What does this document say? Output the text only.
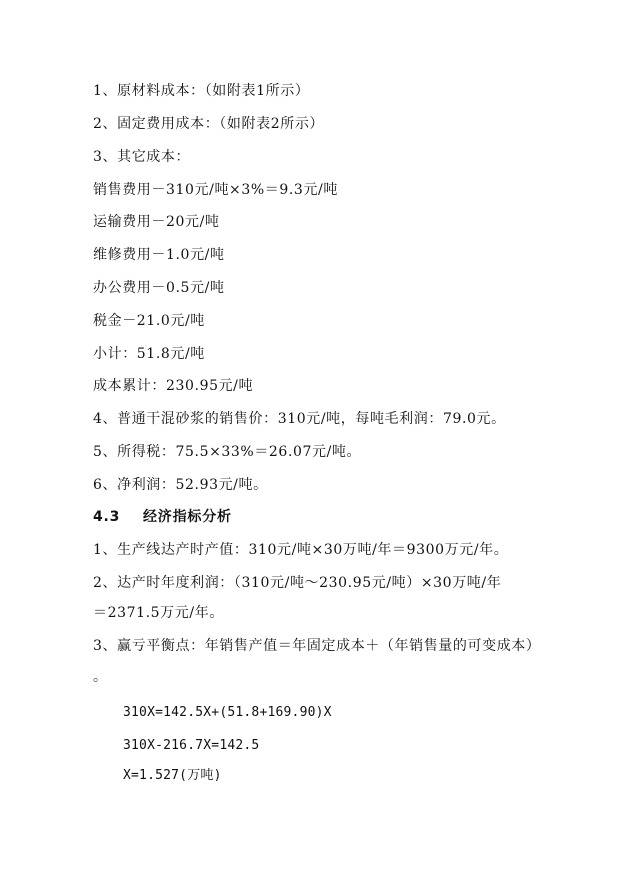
1、原材料成本：（如附表1所示）
2、固定费用成本：（如附表2所示）
3、其它成本：
销售费用－310元/吨×3%＝9.3元/吨
运输费用－20元/吨
维修费用－1.0元/吨
办公费用－0.5元/吨
税金－21.0元/吨
小计：51.8元/吨
成本累计：230.95元/吨
4、普通干混砂浆的销售价：310元/吨，每吨毛利润：79.0元。
5、所得税：75.5×33%＝26.07元/吨。
6、净利润：52.93元/吨。
4.3 经济指标分析
1、生产线达产时产值：310元/吨×30万吨/年＝9300万元/年。
2、达产时年度利润：（310元/吨～230.95元/吨）×30万吨/年
＝2371.5万元/年。
3、赢亏平衡点：年销售产值＝年固定成本＋（年销售量的可变成本）
。
310X=142.5X+(51.8+169.90)X
310X-216.7X=142.5
X=1.527(万吨)
